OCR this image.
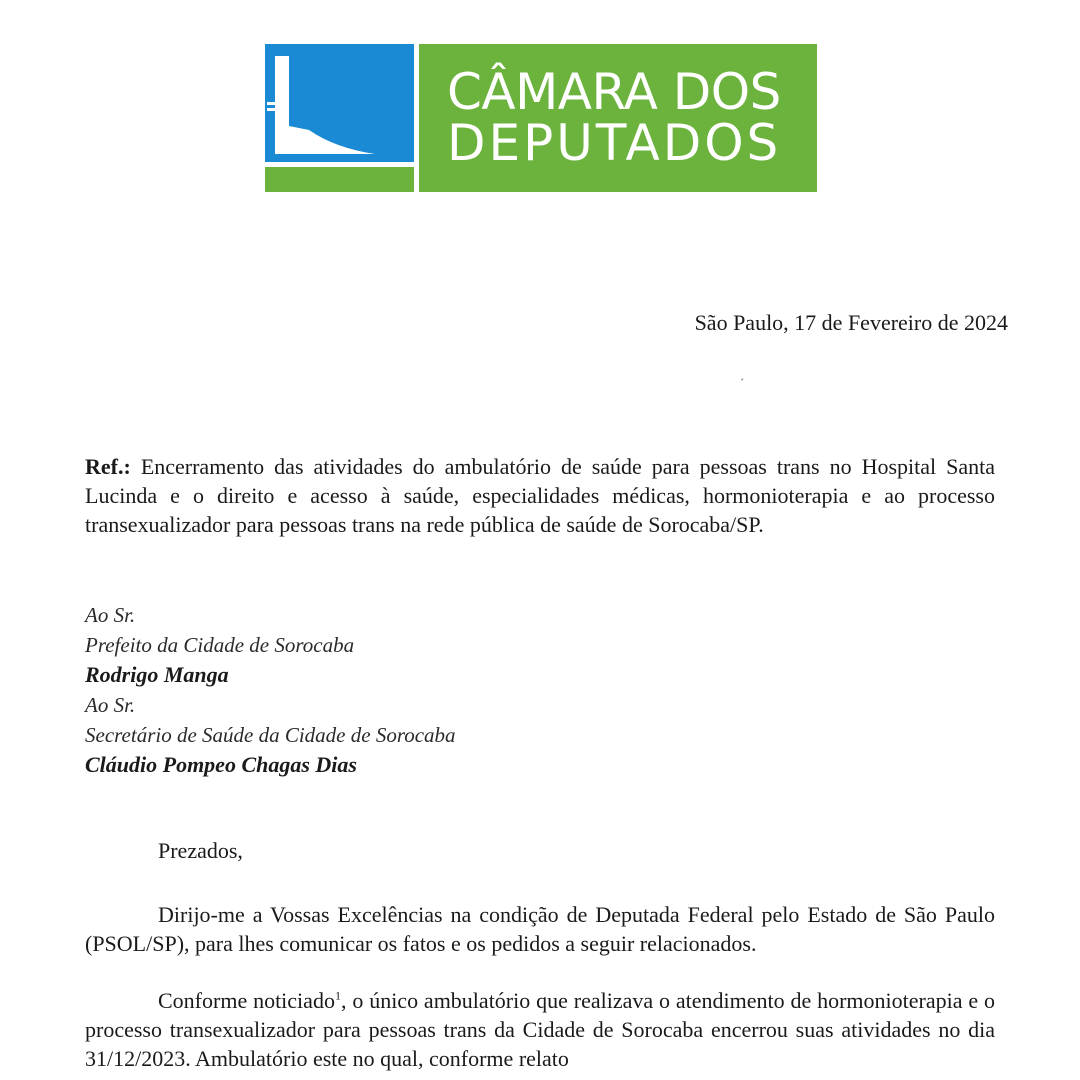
CÂMARA DOS
DEPUTADOS
São Paulo, 17 de Fevereiro de 2024
´
Ref.: Encerramento das atividades do ambulatório de saúde para pessoas trans no Hospital Santa Lucinda e o direito e acesso à saúde, especialidades médicas, hormonioterapia e ao processo transexualizador para pessoas trans na rede pública de saúde de Sorocaba/SP.
Ao Sr.
Prefeito da Cidade de Sorocaba
Rodrigo Manga
Ao Sr.
Secretário de Saúde da Cidade de Sorocaba
Cláudio Pompeo Chagas Dias
Prezados,
Dirijo-me a Vossas Excelências na condição de Deputada Federal pelo Estado de São Paulo (PSOL/SP), para lhes comunicar os fatos e os pedidos a seguir relacionados.
Conforme noticiado$^1$, o único ambulatório que realizava o atendimento de hormonioterapia e o processo transexualizador para pessoas trans da Cidade de Sorocaba encerrou suas atividades no dia 31/12/2023. Ambulatório este no qual, conforme relato
